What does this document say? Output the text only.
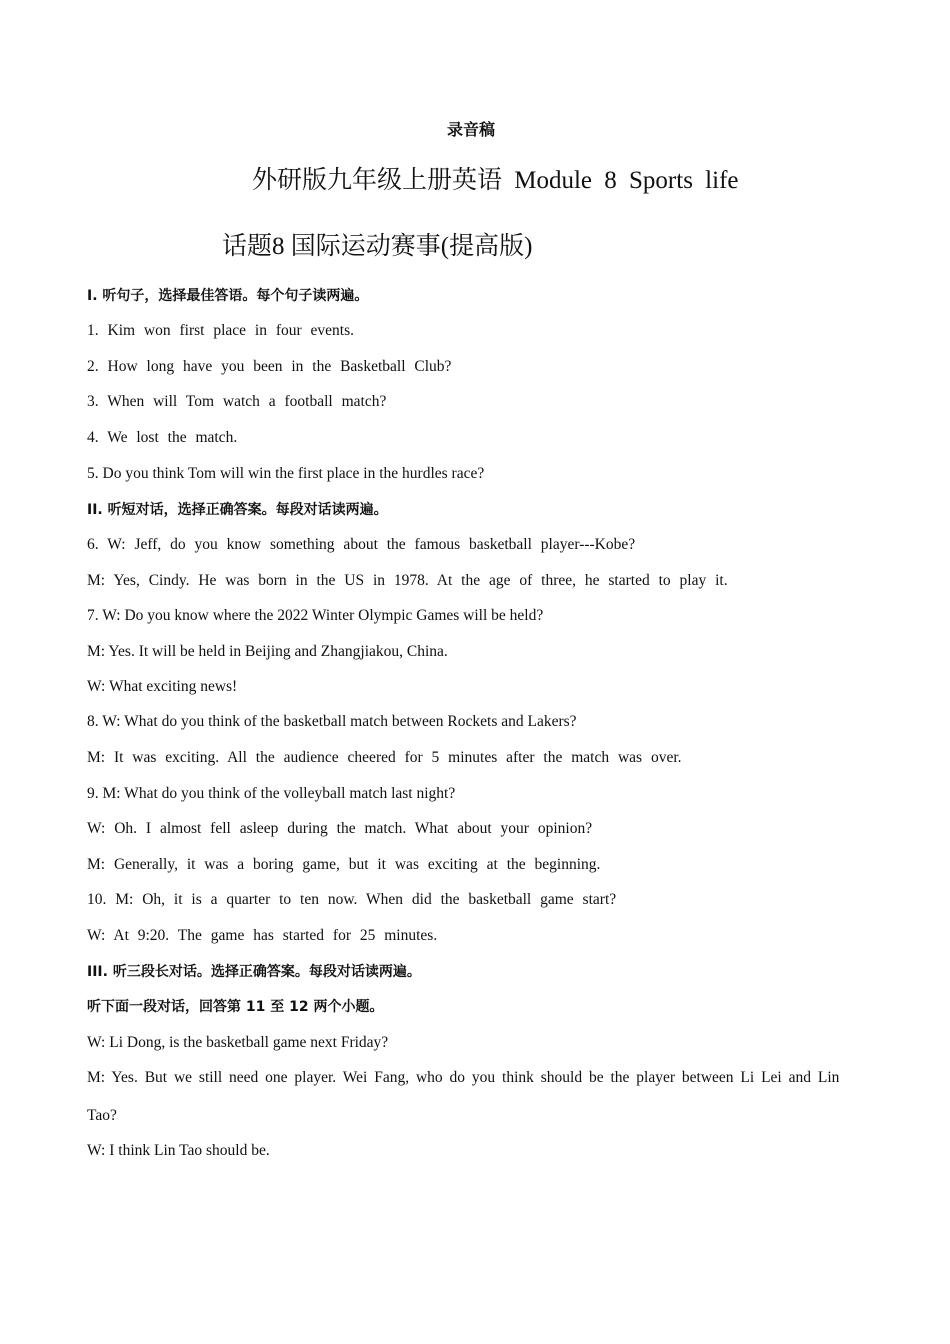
录音稿
外研版九年级上册英语 Module 8 Sports life
话题8 国际运动赛事(提高版)
I. 听句子，选择最佳答语。每个句子读两遍。
1. Kim won first place in four events.
2. How long have you been in the Basketball Club?
3. When will Tom watch a football match?
4. We lost the match.
5. Do you think Tom will win the first place in the hurdles race?
II. 听短对话，选择正确答案。每段对话读两遍。
6. W: Jeff, do you know something about the famous basketball player---Kobe?
M: Yes, Cindy. He was born in the US in 1978. At the age of three, he started to play it.
7. W: Do you know where the 2022 Winter Olympic Games will be held?
M: Yes. It will be held in Beijing and Zhangjiakou, China.
W: What exciting news!
8. W: What do you think of the basketball match between Rockets and Lakers?
M: It was exciting. All the audience cheered for 5 minutes after the match was over.
9. M: What do you think of the volleyball match last night?
W: Oh. I almost fell asleep during the match. What about your opinion?
M: Generally, it was a boring game, but it was exciting at the beginning.
10. M: Oh, it is a quarter to ten now. When did the basketball game start?
W: At 9:20. The game has started for 25 minutes.
III. 听三段长对话。选择正确答案。每段对话读两遍。
听下面一段对话，回答第 11 至 12 两个小题。
W: Li Dong, is the basketball game next Friday?
M: Yes. But we still need one player. Wei Fang, who do you think should be the player between Li Lei and Lin
Tao?
W: I think Lin Tao should be.
